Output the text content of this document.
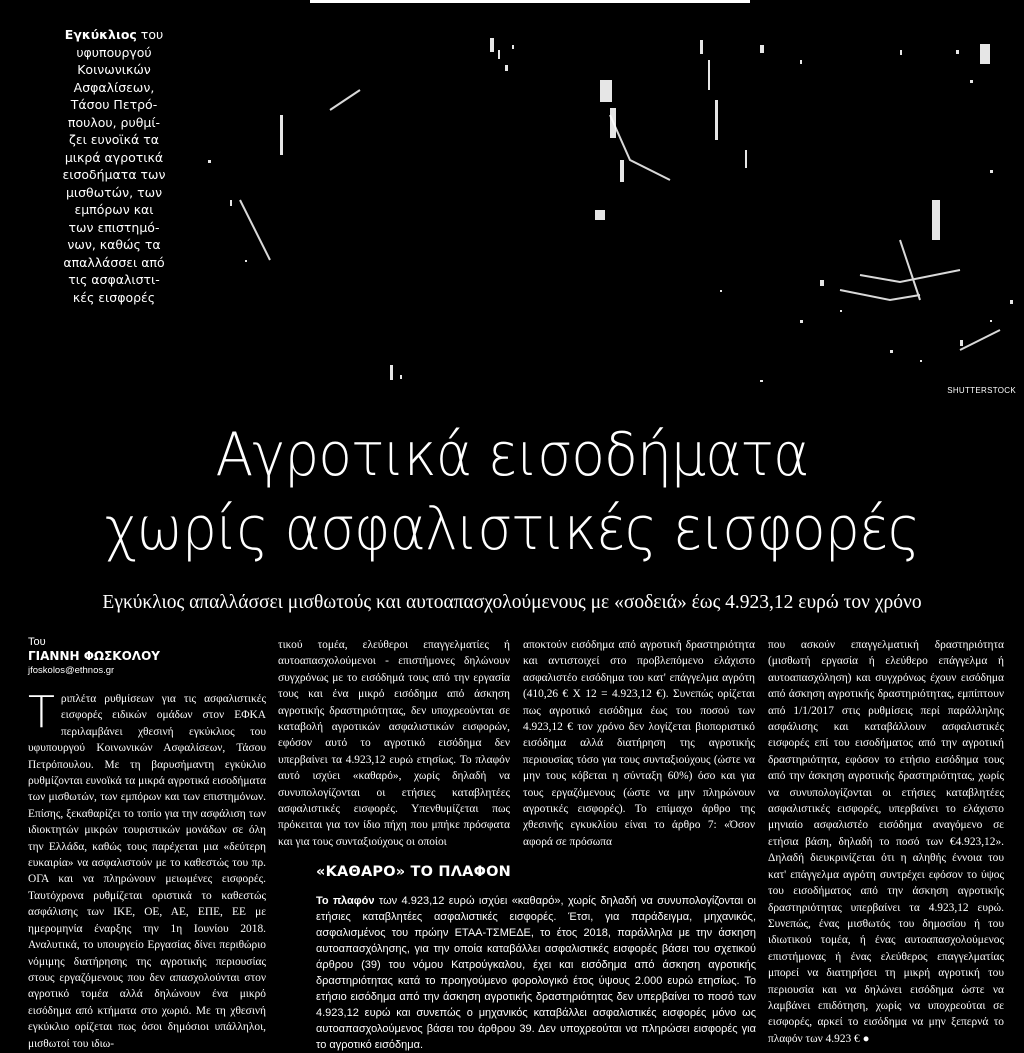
Εγκύκλιος του
υφυπουργού
Κοινωνικών
Ασφαλίσεων,
Τάσου Πετρό-
πουλου, ρυθμί-
ζει ευνοϊκά τα
μικρά αγροτικά
εισοδήματα των
μισθωτών, των
εμπόρων και
των επιστημό-
νων, καθώς τα
απαλλάσσει από
τις ασφαλιστι-
κές εισφορές
SHUTTERSTOCK
Αγροτικά εισοδήματα
χωρίς ασφαλιστικές εισφορές
Εγκύκλιος απαλλάσσει μισθωτούς και αυτοαπασχολούμενους με «σοδειά» έως 4.923,12 ευρώ τον χρόνο
Του
ΓΙΑΝΝΗ ΦΩΣΚΟΛΟΥ
jfoskolos@ethnos.gr
Τ ριπλέτα ρυθμίσεων για τις ασφαλιστικές εισφορές ειδικών ομάδων στον ΕΦΚΑ περιλαμβάνει χθεσινή εγκύκλιος του υφυπουργού Κοινωνικών Ασφαλίσεων, Τάσου Πετρόπουλου. Με τη βαρυσήμαντη εγκύκλιο ρυθμίζονται ευνοϊκά τα μικρά αγροτικά εισοδήματα των μισθωτών, των εμπόρων και των επιστημόνων. Επίσης, ξεκαθαρίζει το τοπίο για την ασφάλιση των ιδιοκτητών μικρών τουριστικών μονάδων σε όλη την Ελλάδα, καθώς τους παρέχεται μια «δεύτερη ευκαιρία» να ασφαλιστούν με το καθεστώς του πρ. ΟΓΑ και να πληρώνουν μειωμένες εισφορές. Ταυτόχρονα ρυθμίζεται οριστικά το καθεστώς ασφάλισης των ΙΚΕ, ΟΕ, ΑΕ, ΕΠΕ, ΕΕ με ημερομηνία έναρξης την 1η Ιουνίου 2018. Αναλυτικά, το υπουργείο Εργασίας δίνει περιθώριο νόμιμης διατήρησης της αγροτικής περιουσίας στους εργαζόμενους που δεν απασχολούνται στον αγροτικό τομέα αλλά δηλώνουν ένα μικρό εισόδημα από κτήματα στο χωριό. Με τη χθεσινή εγκύκλιο ορίζεται πως όσοι δημόσιοι υπάλληλοι, μισθωτοί του ιδιω-
τικού τομέα, ελεύθεροι επαγγελματίες ή αυτοαπασχολούμενοι - επιστήμονες δηλώνουν συγχρόνως με το εισόδημά τους από την εργασία τους και ένα μικρό εισόδημα από άσκηση αγροτικής δραστηριότητας, δεν υποχρεούνται σε καταβολή αγροτικών ασφαλιστικών εισφορών, εφόσον αυτό το αγροτικό εισόδημα δεν υπερβαίνει τα 4.923,12 ευρώ ετησίως. Το πλαφόν αυτό ισχύει «καθαρό», χωρίς δηλαδή να συνυπολογίζονται οι ετήσιες καταβλητέες ασφαλιστικές εισφορές. Υπενθυμίζεται πως πρόκειται για τον ίδιο πήχη που μπήκε πρόσφατα και για τους συνταξιούχους οι οποίοι
αποκτούν εισόδημα από αγροτική δραστηριότητα και αντιστοιχεί στο προβλεπόμενο ελάχιστο ασφαλιστέο εισόδημα του κατ' επάγγελμα αγρότη (410,26 € Χ 12 = 4.923,12 €). Συνεπώς ορίζεται πως αγροτικό εισόδημα έως του ποσού των 4.923,12 € τον χρόνο δεν λογίζεται βιοποριστικό εισόδημα αλλά διατήρηση της αγροτικής περιουσίας τόσο για τους συνταξιούχους (ώστε να μην τους κόβεται η σύνταξη 60%) όσο και για τους εργαζόμενους (ώστε να μην πληρώνουν αγροτικές εισφορές). Το επίμαχο άρθρο της χθεσινής εγκυκλίου είναι το άρθρο 7: «Όσον αφορά σε πρόσωπα
που ασκούν επαγγελματική δραστηριότητα (μισθωτή εργασία ή ελεύθερο επάγγελμα ή αυτοαπασχόληση) και συγχρόνως έχουν εισόδημα από άσκηση αγροτικής δραστηριότητας, εμπίπτουν από 1/1/2017 στις ρυθμίσεις περί παράλληλης ασφάλισης και καταβάλλουν ασφαλιστικές εισφορές επί του εισοδήματος από την αγροτική δραστηριότητα, εφόσον το ετήσιο εισόδημα τους από την άσκηση αγροτικής δραστηριότητας, χωρίς να συνυπολογίζονται οι ετήσιες καταβλητέες ασφαλιστικές εισφορές, υπερβαίνει το ελάχιστο μηνιαίο ασφαλιστέο εισόδημα αναγόμενο σε ετήσια βάση, δηλαδή το ποσό των €4.923,12». Δηλαδή διευκρινίζεται ότι η αληθής έννοια του κατ' επάγγελμα αγρότη συντρέχει εφόσον το ύψος του εισοδήματος από την άσκηση αγροτικής δραστηριότητας υπερβαίνει τα 4.923,12 ευρώ. Συνεπώς, ένας μισθωτός του δημοσίου ή του ιδιωτικού τομέα, ή ένας αυτοαπασχολούμενος επιστήμονας ή ένας ελεύθερος επαγγελματίας μπορεί να διατηρήσει τη μικρή αγροτική του περιουσία και να δηλώνει εισόδημα ώστε να λαμβάνει επιδότηση, χωρίς να υποχρεούται σε εισφορές, αρκεί το εισόδημα να μην ξεπερνά το πλαφόν των 4.923 € ●
«ΚΑΘΑΡΟ» ΤΟ ΠΛΑΦΟΝ
Το πλαφόν των 4.923,12 ευρώ ισχύει «καθαρό», χωρίς δηλαδή να συνυπολογίζονται οι ετήσιες καταβλητέες ασφαλιστικές εισφορές. Έτσι, για παράδειγμα, μηχανικός, ασφαλισμένος του πρώην ΕΤΑΑ-ΤΣΜΕΔΕ, το έτος 2018, παράλληλα με την άσκηση αυτοαπασχόλησης, για την οποία καταβάλλει ασφαλιστικές εισφορές βάσει του σχετικού άρθρου (39) του νόμου Κατρούγκαλου, έχει και εισόδημα από άσκηση αγροτικής δραστηριότητας κατά το προηγούμενο φορολογικό έτος ύψους 2.000 ευρώ ετησίως. Το ετήσιο εισόδημα από την άσκηση αγροτικής δραστηριότητας δεν υπερβαίνει το ποσό των 4.923,12 ευρώ και συνεπώς ο μηχανικός καταβάλλει ασφαλιστικές εισφορές μόνο ως αυτοαπασχολούμενος βάσει του άρθρου 39. Δεν υποχρεούται να πληρώσει εισφορές για το αγροτικό εισόδημα.
